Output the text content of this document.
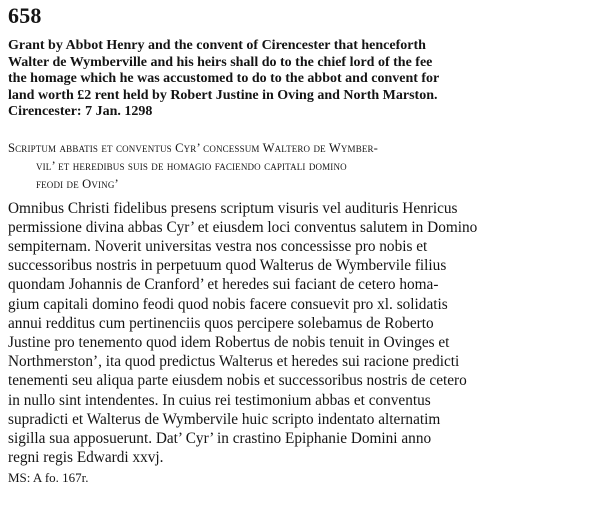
658
Grant by Abbot Henry and the convent of Cirencester that henceforth
Walter de Wymberville and his heirs shall do to the chief lord of the fee
the homage which he was accustomed to do to the abbot and convent for
land worth £2 rent held by Robert Justine in Oving and North Marston.
Cirencester: 7 Jan. 1298
Scriptum abbatis et conventus Cyr’ concessum Waltero de Wymber-
vil’ et heredibus suis de homagio faciendo capitali domino
feodi de Oving’
Omnibus Christi fidelibus presens scriptum visuris vel audituris Henricus
permissione divina abbas Cyr’ et eiusdem loci conventus salutem in Domino
sempiternam. Noverit universitas vestra nos concessisse pro nobis et
successoribus nostris in perpetuum quod Walterus de Wymbervile filius
quondam Johannis de Cranford’ et heredes sui faciant de cetero homa-
gium capitali domino feodi quod nobis facere consuevit pro xl. solidatis
annui redditus cum pertinenciis quos percipere solebamus de Roberto
Justine pro tenemento quod idem Robertus de nobis tenuit in Ovinges et
Northmerston’, ita quod predictus Walterus et heredes sui racione predicti
tenementi seu aliqua parte eiusdem nobis et successoribus nostris de cetero
in nullo sint intendentes. In cuius rei testimonium abbas et conventus
supradicti et Walterus de Wymbervile huic scripto indentato alternatim
sigilla sua apposuerunt. Dat’ Cyr’ in crastino Epiphanie Domini anno
regni regis Edwardi xxvj.
MS: A fo. 167r.
